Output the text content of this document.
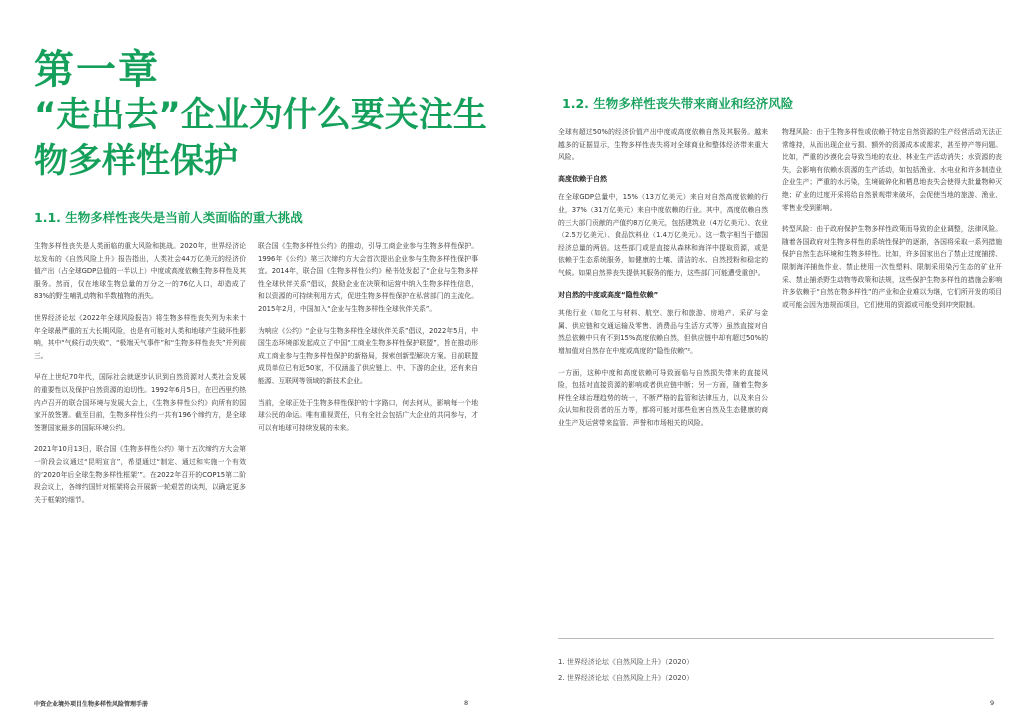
第一章
“走出去”企业为什么要关注生物多样性保护
1.1. 生物多样性丧失是当前人类面临的重大挑战

生物多样性丧失是人类面临的重大风险和挑战。2020年，世界经济论坛发布的《自然风险上升》报告指出，人类社会44万亿美元的经济价值产出（占全球GDP总值的一半以上）中度或高度依赖生物多样性及其服务。然而，仅在地球生物总量的万分之一的76亿人口，却造成了83%的野生哺乳动物和半数植物的消失。

世界经济论坛《2022年全球风险报告》将生物多样性丧失列为未来十年全球最严重的五大长期风险，也是有可能对人类和地球产生破坏性影响，其中“气候行动失败”、“极端天气事件”和“生物多样性丧失”并列前三。

早在上世纪70年代，国际社会就逐步认识到自然资源对人类社会发展的重要性以及保护自然资源的迫切性。1992年6月5日，在巴西里约热内卢召开的联合国环境与发展大会上，《生物多样性公约》向所有的国家开放签署。截至目前，生物多样性公约一共有196个缔约方，是全球签署国家最多的国际环境公约。

2021年10月13日，联合国《生物多样性公约》第十五次缔约方大会第一阶段会议通过“昆明宣言”，希望通过“制定、通过和实施一个有效的‘2020年后全球生物多样性框架’”。在2022年召开的COP15第二阶段会议上，各缔约国针对框架将会开展新一轮艰苦的谈判，以确定更多关于框架的细节。

联合国《生物多样性公约》的推动，引导工商企业参与生物多样性保护。1996年《公约》第三次缔约方大会首次提出企业参与生物多样性保护事宜。2014年，联合国《生物多样性公约》秘书处发起了“企业与生物多样性全球伙伴关系”倡议，鼓励企业在决策和运营中纳入生物多样性信息，和以资源的可持续利用方式，促进生物多样性保护在私营部门的主流化。2015年2月，中国加入“企业与生物多样性全球伙伴关系”。

为响应《公约》“企业与生物多样性全球伙伴关系”倡议，2022年5月，中国生态环境部发起成立了中国“工商业生物多样性保护联盟”，旨在推动形成工商业参与生物多样性保护的新格局，探索创新型解决方案。目前联盟成员单位已有近50家，不仅涵盖了供应链上、中、下游的企业，还有来自能源、互联网等领域的新技术企业。

当前，全球正处于生物多样性保护的十字路口，何去何从，影响每一个地球公民的命运。唯有重视责任，只有全社会包括广大企业的共同参与，才可以有地球可持续发展的未来。

中资企业境外项目生物多样性风险管理手册	8
1.2. 生物多样性丧失带来商业和经济风险

全球有超过50%的经济价值产出中度或高度依赖自然及其服务。越来越多的证据显示，生物多样性丧失将对全球商业和整体经济带来重大风险。

高度依赖于自然

在全球GDP总量中，15%（13万亿美元）来自对自然高度依赖的行业，37%（31万亿美元）来自中度依赖的行业。其中，高度依赖自然的三大部门贡献的产值约8万亿美元，包括建筑业（4万亿美元）、农业（2.5万亿美元）、食品饮料业（1.4万亿美元）。这一数字相当于德国经济总量的两倍。这些部门或是直接从森林和海洋中提取资源，或是依赖于生态系统服务，如健康的土壤、清洁的水、自然授粉和稳定的气候。如果自然界丧失提供其服务的能力，这些部门可能遭受重创¹。

对自然的中度或高度“隐性依赖”

其他行业（如化工与材料、航空、旅行和旅游、房地产、采矿与金属、供应链和交通运输及零售、消费品与生活方式等）虽然直接对自然总依赖中只有不到15%高度依赖自然，但供应链中却有超过50%的增加值对自然存在中度或高度的“隐性依赖”²。

一方面，这种中度和高度依赖可导致面临与自然损失带来的直接风险，包括对直接资源的影响或者供应链中断；另一方面，随着生物多样性全球治理趋势的统一，不断严格的监管和法律压力，以及来自公众认知和投资者的压力等，都将可能对那些危害自然及生态健康的商业生产及运营带来监管、声誉和市场相关的风险。

物理风险：由于生物多样性或依赖于特定自然资源的生产经营活动无法正常维持，从而出现企业亏损、额外的资源成本或需求，甚至停产等问题。比如，严重的沙漠化会导致当地的农业、林业生产活动消失；水资源的丧失，会影响有依赖水资源的生产活动，如包括渔业、水电业和许多制造业企业生产；严重的水污染，生境破碎化和栖息地丧失会使得大批量物种灭绝；矿业的过度开采将给自然景观带来破坏，会促使当地的旅游、渔业、零售业受到影响。

转型风险：由于政府保护生物多样性政策而导致的企业调整，法律风险。随着各国政府对生物多样性的系统性保护的逐渐，各国将采取一系列措施保护自然生态环境和生物多样性。比如，许多国家出台了禁止过度捕捞、限制海洋捕鱼作业、禁止使用一次性塑料、限制采用染污生态的矿业开采、禁止捕杀野生动物等政策和法规，这些保护生物多样性的措施会影响许多依赖于“自然在物多样性”的产业和企业难以为继，它们所开发的项目或可能会因为违规而项目，它们使用的资源或可能受到冲突限制。

1. 世界经济论坛《自然风险上升》（2020）
2. 世界经济论坛《自然风险上升》（2020）
9
